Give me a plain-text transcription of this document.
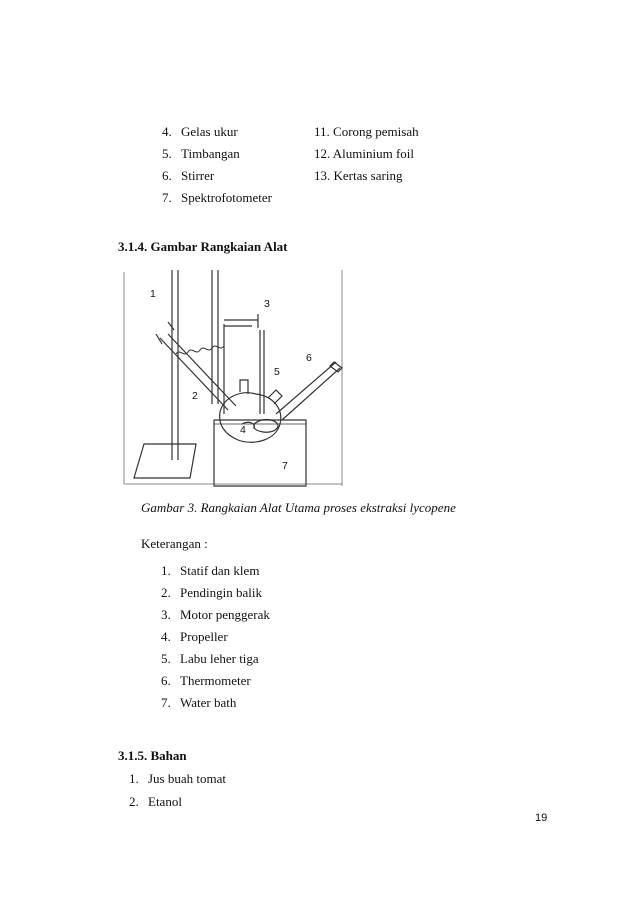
4. Gelas ukur
5. Timbangan
6. Stirrer
7. Spektrofotometer
11. Corong pemisah
12. Aluminium foil
13. Kertas saring
3.1.4. Gambar Rangkaian Alat
1
2
3
4
5
6
7
Gambar 3. Rangkaian Alat Utama proses ekstraksi lycopene
Keterangan :
1. Statif dan klem
2. Pendingin balik
3. Motor penggerak
4. Propeller
5. Labu leher tiga
6. Thermometer
7. Water bath
3.1.5. Bahan
1. Jus buah tomat
2. Etanol
19
